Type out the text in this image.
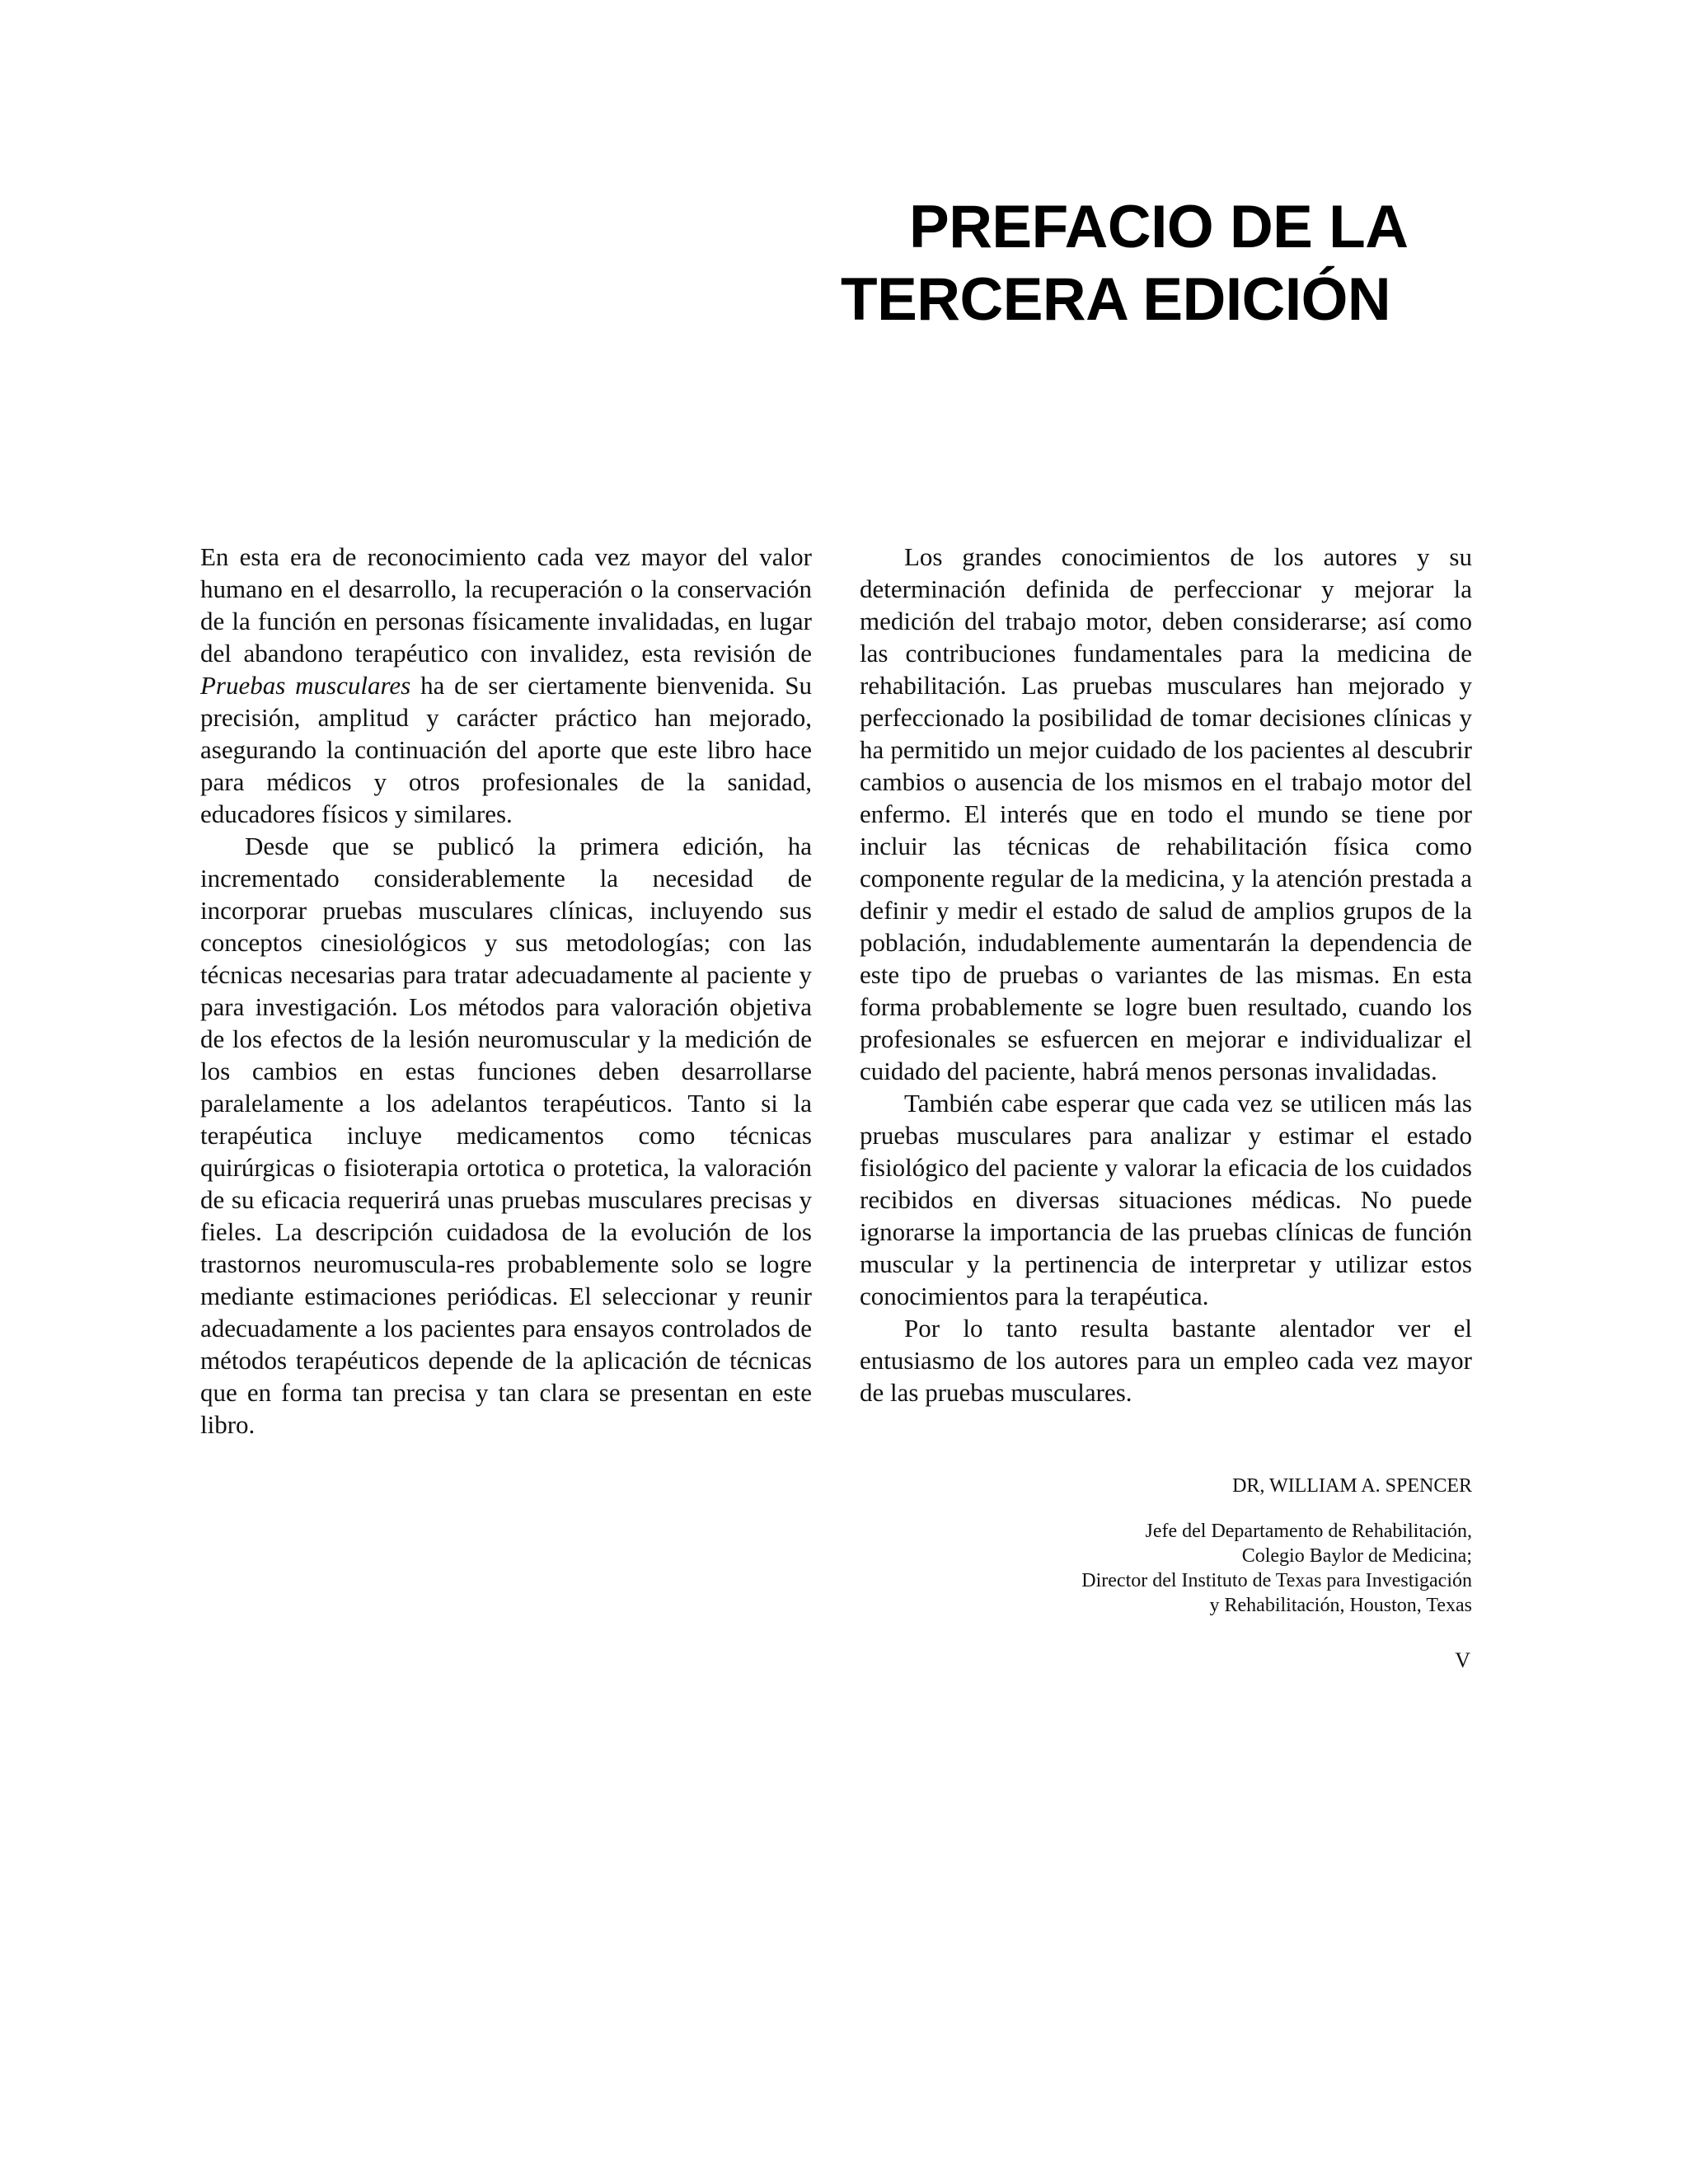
PREFACIO DE LA
TERCERA EDICIÓN

En esta era de reconocimiento cada vez mayor del valor humano en el desarrollo, la recuperación o la conservación de la función en personas físicamente invalidadas, en lugar del abandono terapéutico con invalidez, esta revisión de Pruebas musculares ha de ser ciertamente bienvenida. Su precisión, amplitud y carácter práctico han mejorado, asegurando la continuación del aporte que este libro hace para médicos y otros profesionales de la sanidad, educadores físicos y similares.

Desde que se publicó la primera edición, ha incrementado considerablemente la necesidad de incorporar pruebas musculares clínicas, incluyendo sus conceptos cinesiológicos y sus metodologías; con las técnicas necesarias para tratar adecuadamente al paciente y para investigación. Los métodos para valoración objetiva de los efectos de la lesión neuromuscular y la medición de los cambios en estas funciones deben desarrollarse paralelamente a los adelantos terapéuticos. Tanto si la terapéutica incluye medicamentos como técnicas quirúrgicas o fisioterapia ortotica o protetica, la valoración de su eficacia requerirá unas pruebas musculares precisas y fieles. La descripción cuidadosa de la evolución de los trastornos neuromuscula-res probablemente solo se logre mediante estimaciones periódicas. El seleccionar y reunir adecuadamente a los pacientes para ensayos controlados de métodos terapéuticos depende de la aplicación de técnicas que en forma tan precisa y tan clara se presentan en este libro.

Los grandes conocimientos de los autores y su determinación definida de perfeccionar y mejorar la medición del trabajo motor, deben considerarse; así como las contribuciones fundamentales para la medicina de rehabilitación. Las pruebas musculares han mejorado y perfeccionado la posibilidad de tomar decisiones clínicas y ha permitido un mejor cuidado de los pacientes al descubrir cambios o ausencia de los mismos en el trabajo motor del enfermo. El interés que en todo el mundo se tiene por incluir las técnicas de rehabilitación física como componente regular de la medicina, y la atención prestada a definir y medir el estado de salud de amplios grupos de la población, indudablemente aumentarán la dependencia de este tipo de pruebas o variantes de las mismas. En esta forma probablemente se logre buen resultado, cuando los profesionales se esfuercen en mejorar e individualizar el cuidado del paciente, habrá menos personas invalidadas.

También cabe esperar que cada vez se utilicen más las pruebas musculares para analizar y estimar el estado fisiológico del paciente y valorar la eficacia de los cuidados recibidos en diversas situaciones médicas. No puede ignorarse la importancia de las pruebas clínicas de función muscular y la pertinencia de interpretar y utilizar estos conocimientos para la terapéutica.

Por lo tanto resulta bastante alentador ver el entusiasmo de los autores para un empleo cada vez mayor de las pruebas musculares.

DR, WILLIAM A. SPENCER

Jefe del Departamento de Rehabilitación,
Colegio Baylor de Medicina;
Director del Instituto de Texas para Investigación
y Rehabilitación, Houston, Texas

V
